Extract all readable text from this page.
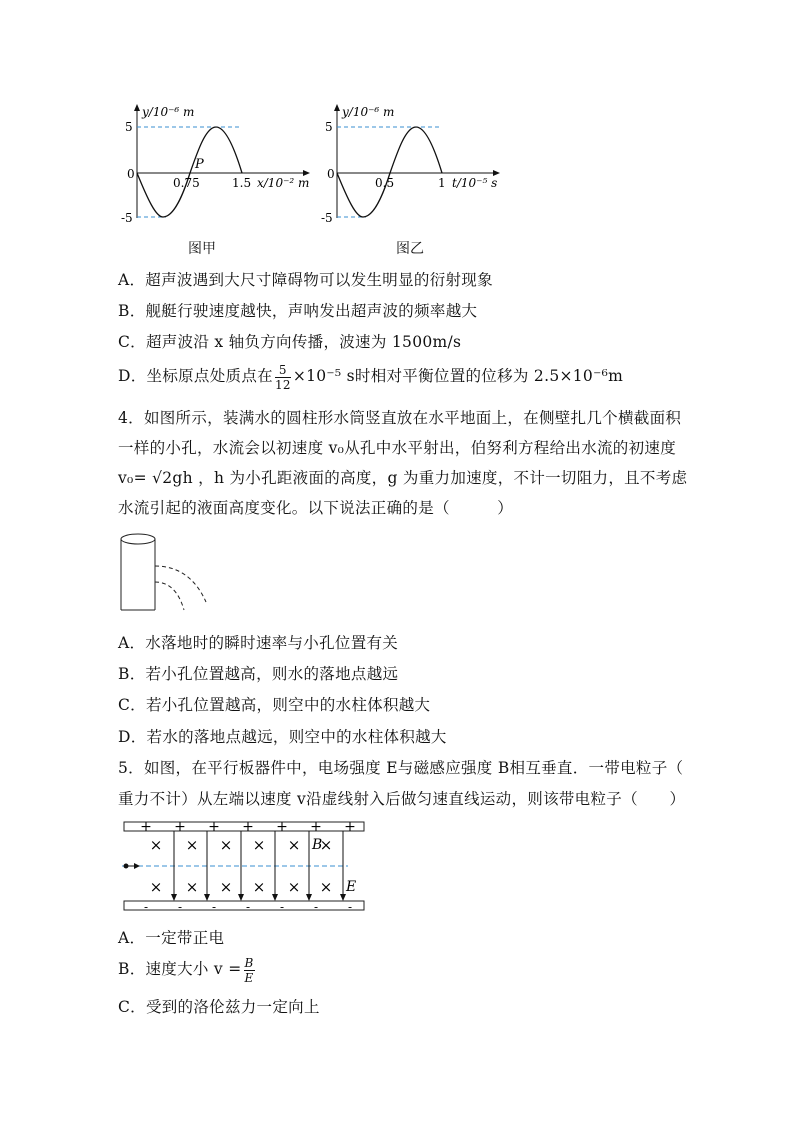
y/10⁻⁶ m
5
0
-5
0.75	1.5 x/10⁻² m
P
图甲
y/10⁻⁶ m
5
0
-5
0.5	1 t/10⁻⁵ s
图乙
A．超声波遇到大尺寸障碍物可以发生明显的衍射现象
B．舰艇行驶速度越快，声呐发出超声波的频率越大
C．超声波沿 x 轴负方向传播，波速为 1500m/s
D．坐标原点处质点在 $\frac{5}{12} \times 10^{-5}$ s时相对平衡位置的位移为 2.5×10⁻⁶m
4．如图所示，装满水的圆柱形水筒竖直放在水平地面上，在侧壁扎几个横截面积
一样的小孔，水流会以初速度 v₀从孔中水平射出，伯努利方程给出水流的初速度
v₀= √2gh ，h 为小孔距液面的高度，g 为重力加速度，不计一切阻力，且不考虑
水流引起的液面高度变化。以下说法正确的是（　　　）
A．水落地时的瞬时速率与小孔位置有关
B．若小孔位置越高，则水的落地点越远
C．若小孔位置越高，则空中的水柱体积越大
D．若水的落地点越远，则空中的水柱体积越大
5．如图，在平行板器件中，电场强度 E与磁感应强度 B相互垂直．一带电粒子（
重力不计）从左端以速度 v沿虚线射入后做匀速直线运动，则该带电粒子（　　）
+
-
+
-
+
-
+
-
+
-
+
-
+
-
×
×
×
×
×
×
×
×
×
×
×
×
B
E
A．一定带正电
B．速度大小 $v = \frac{B}{E}$
C．受到的洛伦兹力一定向上
